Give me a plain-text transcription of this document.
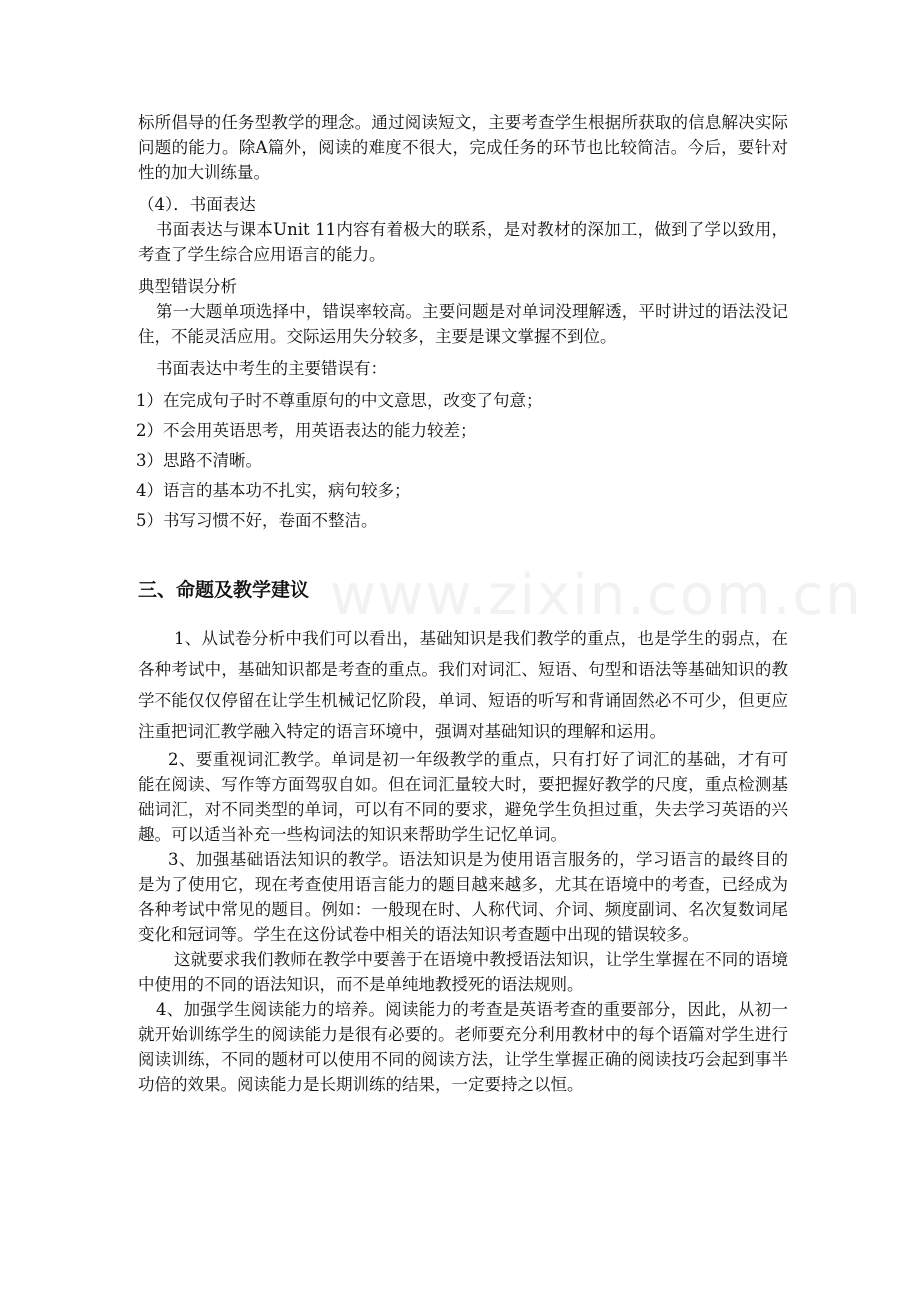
www.zixin.com.cn

标所倡导的任务型教学的理念。通过阅读短文，主要考查学生根据所获取的信息解决实际问题的能力。除A篇外，阅读的难度不很大，完成任务的环节也比较简洁。今后，要针对性的加大训练量。

（4）．书面表达

书面表达与课本Unit 11内容有着极大的联系，是对教材的深加工，做到了学以致用，考查了学生综合应用语言的能力。

典型错误分析

第一大题单项选择中，错误率较高。主要问题是对单词没理解透，平时讲过的语法没记住，不能灵活应用。交际运用失分较多，主要是课文掌握不到位。

书面表达中考生的主要错误有：

1）在完成句子时不尊重原句的中文意思，改变了句意；

2）不会用英语思考，用英语表达的能力较差；

3）思路不清晰。

4）语言的基本功不扎实，病句较多；

5）书写习惯不好，卷面不整洁。

三、命题及教学建议

1、从试卷分析中我们可以看出，基础知识是我们教学的重点，也是学生的弱点，在各种考试中，基础知识都是考查的重点。我们对词汇、短语、句型和语法等基础知识的教学不能仅仅停留在让学生机械记忆阶段，单词、短语的听写和背诵固然必不可少，但更应注重把词汇教学融入特定的语言环境中，强调对基础知识的理解和运用。

2、要重视词汇教学。单词是初一年级教学的重点，只有打好了词汇的基础，才有可能在阅读、写作等方面驾驭自如。但在词汇量较大时，要把握好教学的尺度，重点检测基础词汇，对不同类型的单词，可以有不同的要求，避免学生负担过重，失去学习英语的兴趣。可以适当补充一些构词法的知识来帮助学生记忆单词。

3、加强基础语法知识的教学。语法知识是为使用语言服务的，学习语言的最终目的是为了使用它，现在考查使用语言能力的题目越来越多，尤其在语境中的考查，已经成为各种考试中常见的题目。例如：一般现在时、人称代词、介词、频度副词、名次复数词尾变化和冠词等。学生在这份试卷中相关的语法知识考查题中出现的错误较多。

这就要求我们教师在教学中要善于在语境中教授语法知识，让学生掌握在不同的语境中使用的不同的语法知识，而不是单纯地教授死的语法规则。

4、加强学生阅读能力的培养。阅读能力的考查是英语考查的重要部分，因此，从初一就开始训练学生的阅读能力是很有必要的。老师要充分利用教材中的每个语篇对学生进行阅读训练，不同的题材可以使用不同的阅读方法，让学生掌握正确的阅读技巧会起到事半功倍的效果。阅读能力是长期训练的结果，一定要持之以恒。
